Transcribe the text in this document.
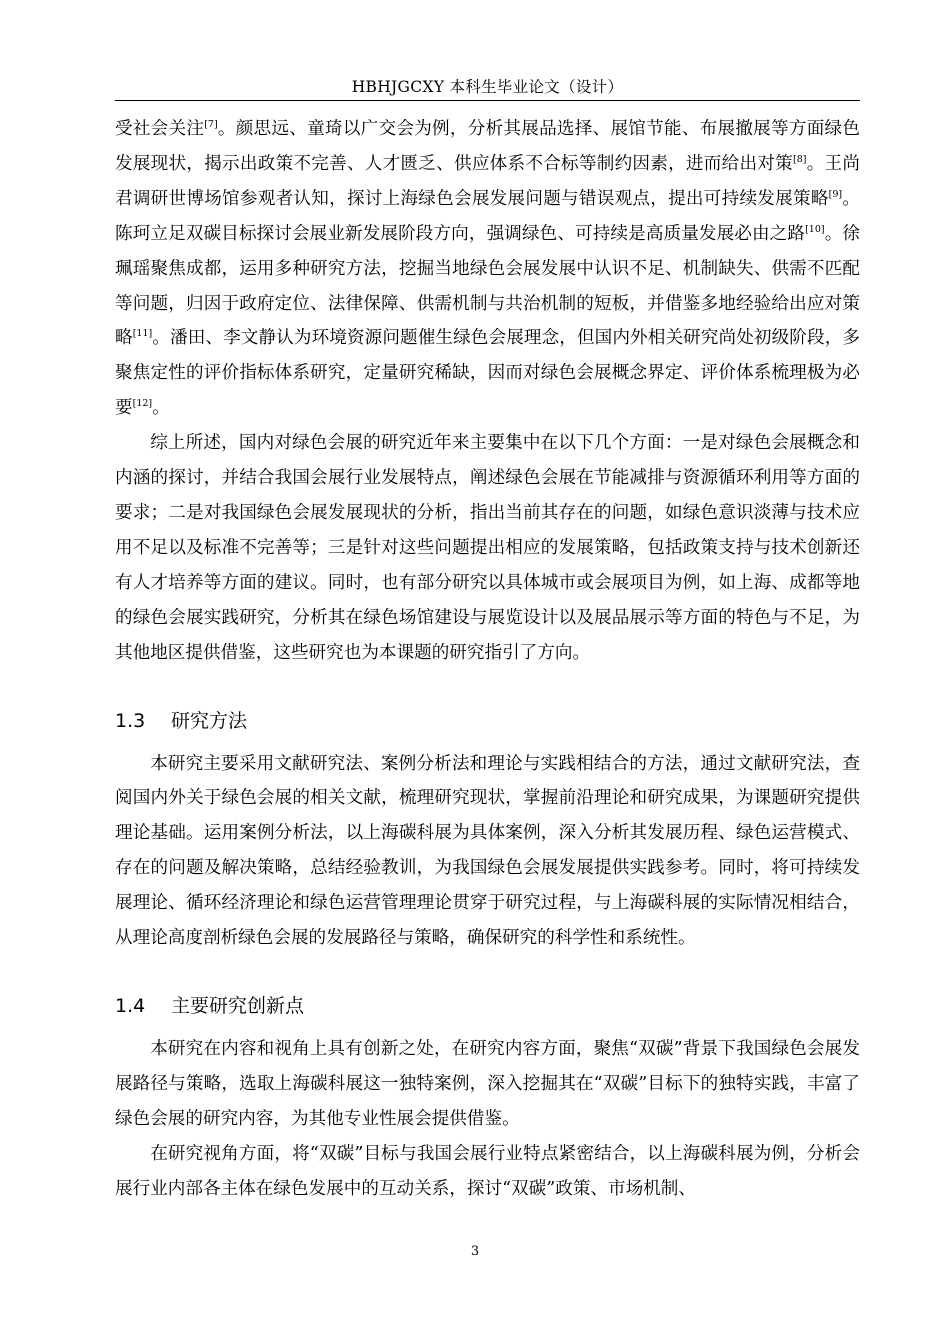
HBHJGCXY 本科生毕业论文（设计）

受社会关注[7]。颜思远、童琦以广交会为例，分析其展品选择、展馆节能、布展撤展等方面绿色发展现状，揭示出政策不完善、人才匮乏、供应体系不合标等制约因素，进而给出对策[8]。王尚君调研世博场馆参观者认知，探讨上海绿色会展发展问题与错误观点，提出可持续发展策略[9]。陈珂立足双碳目标探讨会展业新发展阶段方向，强调绿色、可持续是高质量发展必由之路[10]。徐珮瑶聚焦成都，运用多种研究方法，挖掘当地绿色会展发展中认识不足、机制缺失、供需不匹配等问题，归因于政府定位、法律保障、供需机制与共治机制的短板，并借鉴多地经验给出应对策略[11]。潘田、李文静认为环境资源问题催生绿色会展理念，但国内外相关研究尚处初级阶段，多聚焦定性的评价指标体系研究，定量研究稀缺，因而对绿色会展概念界定、评价体系梳理极为必要[12]。

综上所述，国内对绿色会展的研究近年来主要集中在以下几个方面：一是对绿色会展概念和内涵的探讨，并结合我国会展行业发展特点，阐述绿色会展在节能减排与资源循环利用等方面的要求；二是对我国绿色会展发展现状的分析，指出当前其存在的问题，如绿色意识淡薄与技术应用不足以及标准不完善等；三是针对这些问题提出相应的发展策略，包括政策支持与技术创新还有人才培养等方面的建议。同时，也有部分研究以具体城市或会展项目为例，如上海、成都等地的绿色会展实践研究，分析其在绿色场馆建设与展览设计以及展品展示等方面的特色与不足，为其他地区提供借鉴，这些研究也为本课题的研究指引了方向。

1.3 研究方法

本研究主要采用文献研究法、案例分析法和理论与实践相结合的方法，通过文献研究法，查阅国内外关于绿色会展的相关文献，梳理研究现状，掌握前沿理论和研究成果，为课题研究提供理论基础。运用案例分析法，以上海碳科展为具体案例，深入分析其发展历程、绿色运营模式、存在的问题及解决策略，总结经验教训，为我国绿色会展发展提供实践参考。同时，将可持续发展理论、循环经济理论和绿色运营管理理论贯穿于研究过程，与上海碳科展的实际情况相结合，从理论高度剖析绿色会展的发展路径与策略，确保研究的科学性和系统性。

1.4 主要研究创新点

本研究在内容和视角上具有创新之处，在研究内容方面，聚焦“双碳”背景下我国绿色会展发展路径与策略，选取上海碳科展这一独特案例，深入挖掘其在“双碳”目标下的独特实践，丰富了绿色会展的研究内容，为其他专业性展会提供借鉴。

在研究视角方面，将“双碳”目标与我国会展行业特点紧密结合，以上海碳科展为例，分析会展行业内部各主体在绿色发展中的互动关系，探讨“双碳”政策、市场机制、

3
